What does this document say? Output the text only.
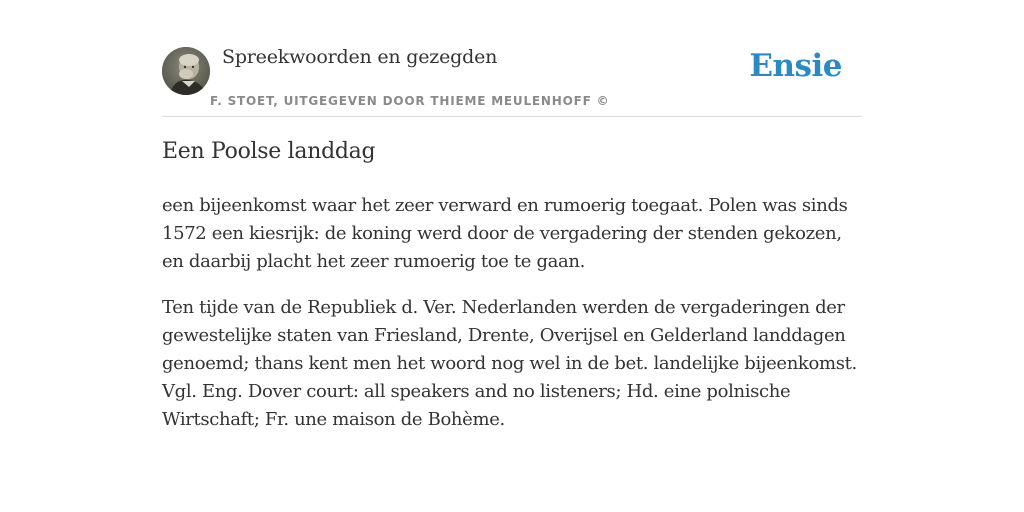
Spreekwoorden en gezegden
F. STOET, UITGEGEVEN DOOR THIEME MEULENHOFF ©
Ensie
Een Poolse landdag

een bijeenkomst waar het zeer verward en rumoerig toegaat. Polen was sinds 1572 een kiesrijk: de koning werd door de vergadering der stenden gekozen, en daarbij placht het zeer rumoerig toe te gaan.

Ten tijde van de Republiek d. Ver. Nederlanden werden de vergaderingen der gewestelijke staten van Friesland, Drente, Overijsel en Gelderland landdagen genoemd; thans kent men het woord nog wel in de bet. landelijke bijeenkomst. Vgl. Eng. Dover court: all speakers and no listeners; Hd. eine polnische Wirtschaft; Fr. une maison de Bohème.
